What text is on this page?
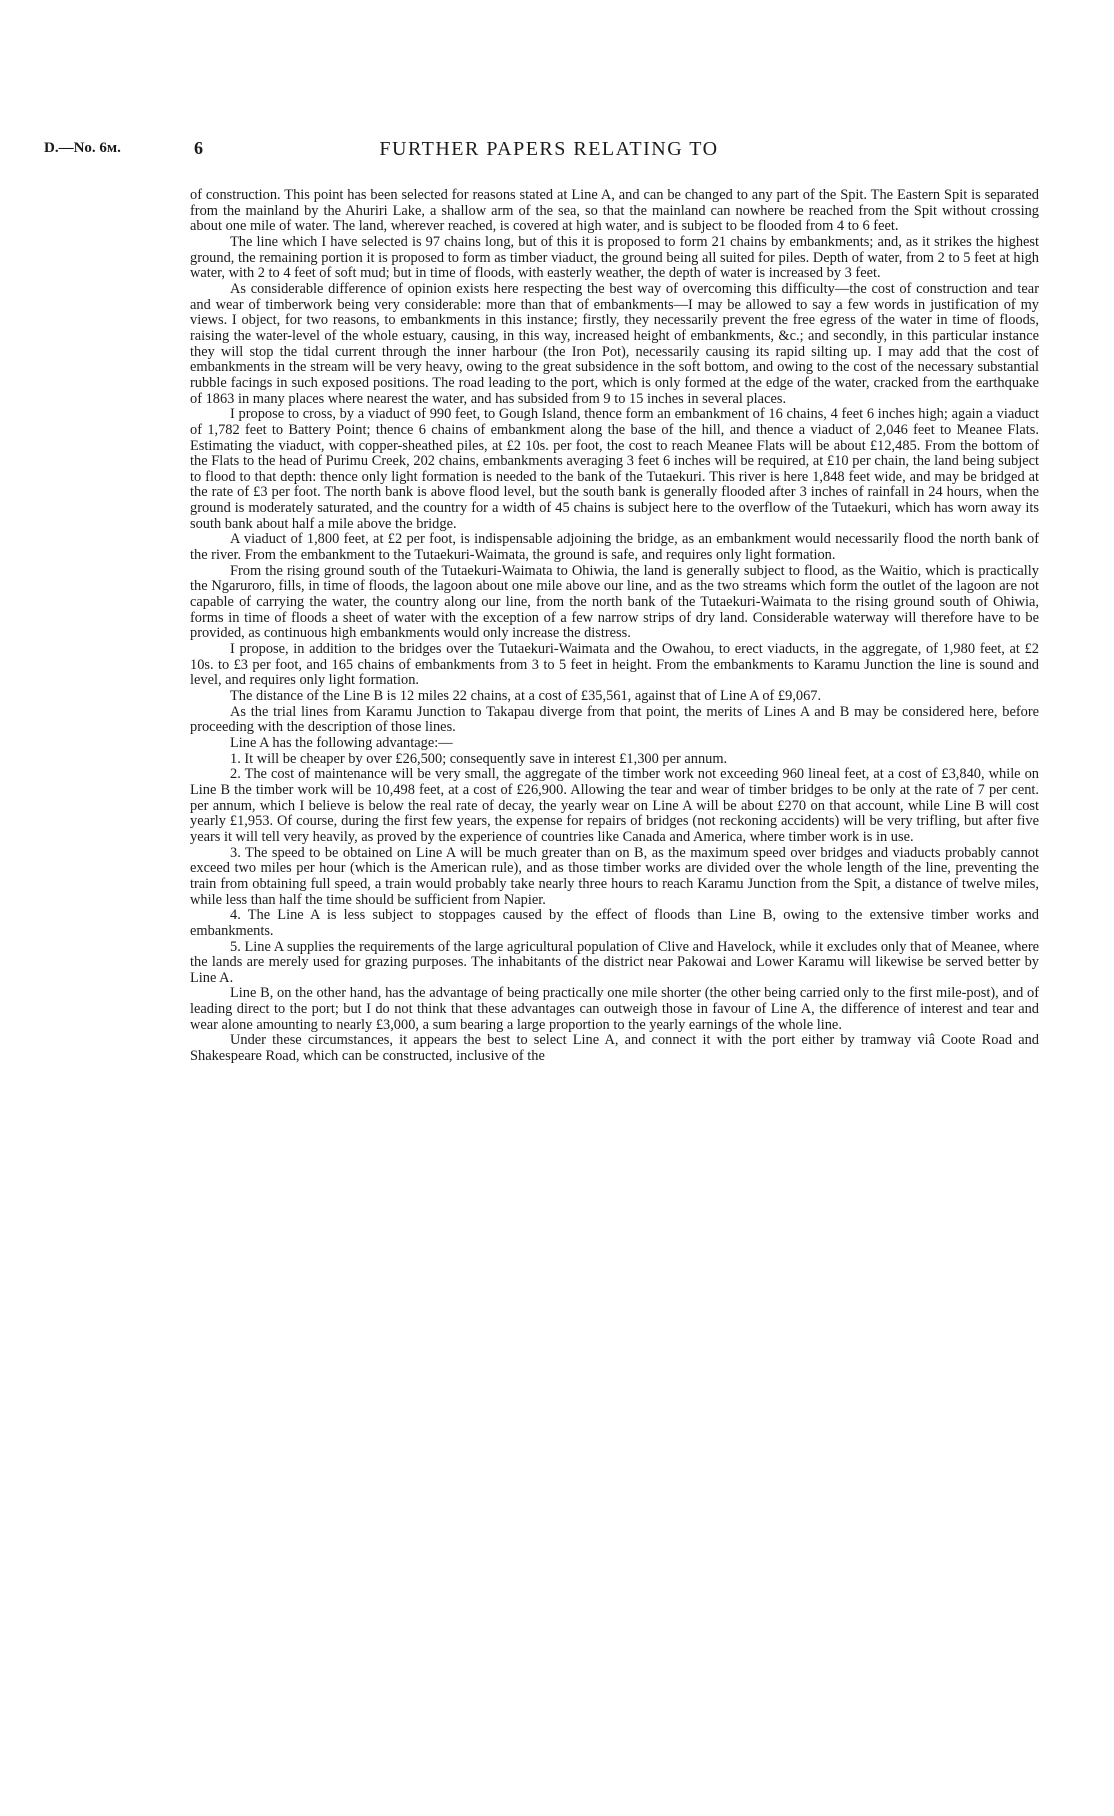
D.—No. 6ᴍ.	6	FURTHER PAPERS RELATING TO

of construction. This point has been selected for reasons stated at Line A, and can be changed to any part of the Spit. The Eastern Spit is separated from the mainland by the Ahuriri Lake, a shallow arm of the sea, so that the mainland can nowhere be reached from the Spit without crossing about one mile of water. The land, wherever reached, is covered at high water, and is subject to be flooded from 4 to 6 feet.

The line which I have selected is 97 chains long, but of this it is proposed to form 21 chains by embankments; and, as it strikes the highest ground, the remaining portion it is proposed to form as timber viaduct, the ground being all suited for piles. Depth of water, from 2 to 5 feet at high water, with 2 to 4 feet of soft mud; but in time of floods, with easterly weather, the depth of water is increased by 3 feet.

As considerable difference of opinion exists here respecting the best way of overcoming this difficulty—the cost of construction and tear and wear of timberwork being very considerable: more than that of embankments—I may be allowed to say a few words in justification of my views. I object, for two reasons, to embankments in this instance; firstly, they necessarily prevent the free egress of the water in time of floods, raising the water-level of the whole estuary, causing, in this way, increased height of embankments, &c.; and secondly, in this particular instance they will stop the tidal current through the inner harbour (the Iron Pot), necessarily causing its rapid silting up. I may add that the cost of embankments in the stream will be very heavy, owing to the great subsidence in the soft bottom, and owing to the cost of the necessary substantial rubble facings in such exposed positions. The road leading to the port, which is only formed at the edge of the water, cracked from the earthquake of 1863 in many places where nearest the water, and has subsided from 9 to 15 inches in several places.

I propose to cross, by a viaduct of 990 feet, to Gough Island, thence form an embankment of 16 chains, 4 feet 6 inches high; again a viaduct of 1,782 feet to Battery Point; thence 6 chains of embankment along the base of the hill, and thence a viaduct of 2,046 feet to Meanee Flats. Estimating the viaduct, with copper-sheathed piles, at £2 10s. per foot, the cost to reach Meanee Flats will be about £12,485. From the bottom of the Flats to the head of Purimu Creek, 202 chains, embankments averaging 3 feet 6 inches will be required, at £10 per chain, the land being subject to flood to that depth: thence only light formation is needed to the bank of the Tutaekuri. This river is here 1,848 feet wide, and may be bridged at the rate of £3 per foot. The north bank is above flood level, but the south bank is generally flooded after 3 inches of rainfall in 24 hours, when the ground is moderately saturated, and the country for a width of 45 chains is subject here to the overflow of the Tutaekuri, which has worn away its south bank about half a mile above the bridge.

A viaduct of 1,800 feet, at £2 per foot, is indispensable adjoining the bridge, as an embankment would necessarily flood the north bank of the river. From the embankment to the Tutaekuri-Waimata, the ground is safe, and requires only light formation.

From the rising ground south of the Tutaekuri-Waimata to Ohiwia, the land is generally subject to flood, as the Waitio, which is practically the Ngaruroro, fills, in time of floods, the lagoon about one mile above our line, and as the two streams which form the outlet of the lagoon are not capable of carrying the water, the country along our line, from the north bank of the Tutaekuri-Waimata to the rising ground south of Ohiwia, forms in time of floods a sheet of water with the exception of a few narrow strips of dry land. Considerable waterway will therefore have to be provided, as continuous high embankments would only increase the distress.

I propose, in addition to the bridges over the Tutaekuri-Waimata and the Owahou, to erect viaducts, in the aggregate, of 1,980 feet, at £2 10s. to £3 per foot, and 165 chains of embankments from 3 to 5 feet in height. From the embankments to Karamu Junction the line is sound and level, and requires only light formation.

The distance of the Line B is 12 miles 22 chains, at a cost of £35,561, against that of Line A of £9,067.

As the trial lines from Karamu Junction to Takapau diverge from that point, the merits of Lines A and B may be considered here, before proceeding with the description of those lines.

Line A has the following advantage:—

1. It will be cheaper by over £26,500; consequently save in interest £1,300 per annum.

2. The cost of maintenance will be very small, the aggregate of the timber work not exceeding 960 lineal feet, at a cost of £3,840, while on Line B the timber work will be 10,498 feet, at a cost of £26,900. Allowing the tear and wear of timber bridges to be only at the rate of 7 per cent. per annum, which I believe is below the real rate of decay, the yearly wear on Line A will be about £270 on that account, while Line B will cost yearly £1,953. Of course, during the first few years, the expense for repairs of bridges (not reckoning accidents) will be very trifling, but after five years it will tell very heavily, as proved by the experience of countries like Canada and America, where timber work is in use.

3. The speed to be obtained on Line A will be much greater than on B, as the maximum speed over bridges and viaducts probably cannot exceed two miles per hour (which is the American rule), and as those timber works are divided over the whole length of the line, preventing the train from obtaining full speed, a train would probably take nearly three hours to reach Karamu Junction from the Spit, a distance of twelve miles, while less than half the time should be sufficient from Napier.

4. The Line A is less subject to stoppages caused by the effect of floods than Line B, owing to the extensive timber works and embankments.

5. Line A supplies the requirements of the large agricultural population of Clive and Havelock, while it excludes only that of Meanee, where the lands are merely used for grazing purposes. The inhabitants of the district near Pakowai and Lower Karamu will likewise be served better by Line A.

Line B, on the other hand, has the advantage of being practically one mile shorter (the other being carried only to the first mile-post), and of leading direct to the port; but I do not think that these advantages can outweigh those in favour of Line A, the difference of interest and tear and wear alone amounting to nearly £3,000, a sum bearing a large proportion to the yearly earnings of the whole line.

Under these circumstances, it appears the best to select Line A, and connect it with the port either by tramway viâ Coote Road and Shakespeare Road, which can be constructed, inclusive of the
